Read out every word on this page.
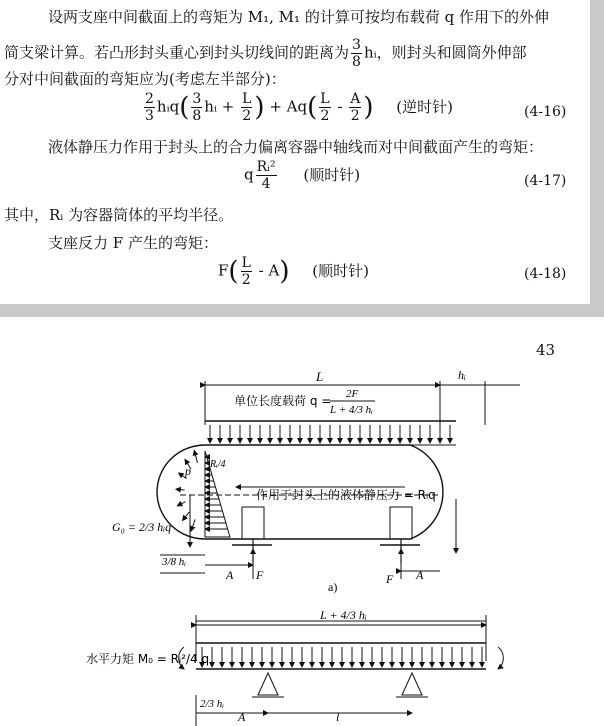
设两支座中间截面上的弯矩为 M₁, M₁ 的计算可按均布载荷 q 作用下的外伸
简支梁计算。若凸形封头重心到封头切线间的距离为 $\frac{3}{8}$ hᵢ，则封头和圆筒外伸部
分对中间截面的弯矩应为(考虑左半部分)：
$\frac{2}{3}$ hᵢq( $\frac{3}{8}$ hᵢ + $\frac{L}{2}$ ) + $Aq( \frac{L}{2} - \frac{A}{2}$ ) (逆时针)	(4-16)
液体静压力作用于封头上的合力偏离容器中轴线而对中间截面产生的弯矩：
q $\frac{\text{Rᵢ²}}{4}$ (顺时针)	(4-17)
其中，Rᵢ 为容器筒体的平均半径。
支座反力 F 产生的弯矩：
$F( \frac{L}{2} - A)$ (顺时针)	(4-18)
43
L	hᵢ
单位长度载荷 q = 2F
L + 4/3 hᵢ
p Rᵢ/4
作用于封头上的液体静压力 = Rᵢq
G₀ = 2/3 hᵢq
3/8 hᵢ
A F	F A
a)
L + 4/3 hᵢ
水平力矩 M₀ = Rᵢ²/4 q
2/3 hᵢ
A	l
